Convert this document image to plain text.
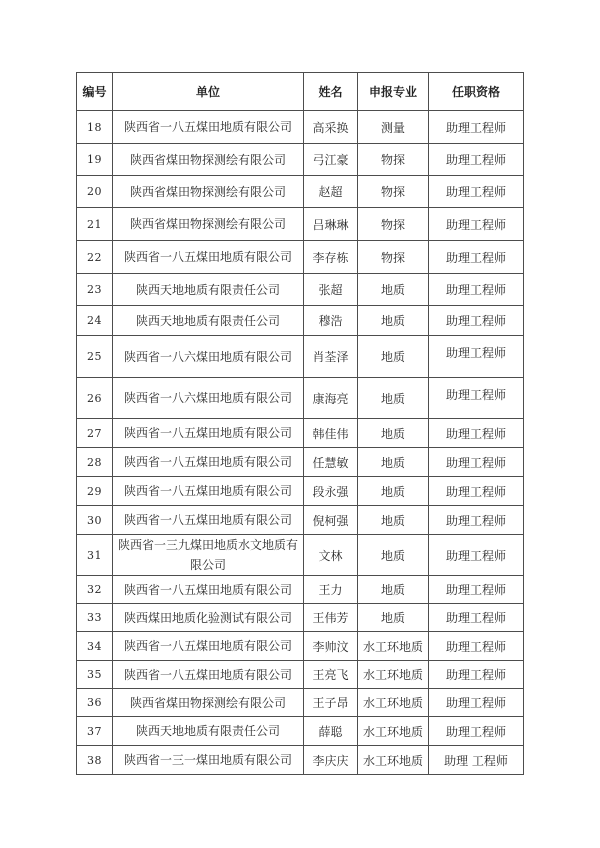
编号	单位	姓名	申报专业	任职资格
18	陕西省一八五煤田地质有限公司	高采换	测量	助理工程师
19	陕西省煤田物探测绘有限公司	弓江豪	物探	助理工程师
20	陕西省煤田物探测绘有限公司	赵超	物探	助理工程师
21	陕西省煤田物探测绘有限公司	吕琳琳	物探	助理工程师
22	陕西省一八五煤田地质有限公司	李存栋	物探	助理工程师
23	陕西天地地质有限责任公司	张超	地质	助理工程师
24	陕西天地地质有限责任公司	穆浩	地质	助理工程师
25	陕西省一八六煤田地质有限公司	肖荃泽	地质	助理工程师
26	陕西省一八六煤田地质有限公司	康海亮	地质	助理工程师
27	陕西省一八五煤田地质有限公司	韩佳伟	地质	助理工程师
28	陕西省一八五煤田地质有限公司	任慧敏	地质	助理工程师
29	陕西省一八五煤田地质有限公司	段永强	地质	助理工程师
30	陕西省一八五煤田地质有限公司	倪柯强	地质	助理工程师
31	陕西省一三九煤田地质水文地质有限公司	文林	地质	助理工程师
32	陕西省一八五煤田地质有限公司	王力	地质	助理工程师
33	陕西煤田地质化验测试有限公司	王伟芳	地质	助理工程师
34	陕西省一八五煤田地质有限公司	李帅汶	水工环地质	助理工程师
35	陕西省一八五煤田地质有限公司	王亮飞	水工环地质	助理工程师
36	陕西省煤田物探测绘有限公司	王子昂	水工环地质	助理工程师
37	陕西天地地质有限责任公司	薛聪	水工环地质	助理工程师
38	陕西省一三一煤田地质有限公司	李庆庆	水工环地质	助理 工程师
